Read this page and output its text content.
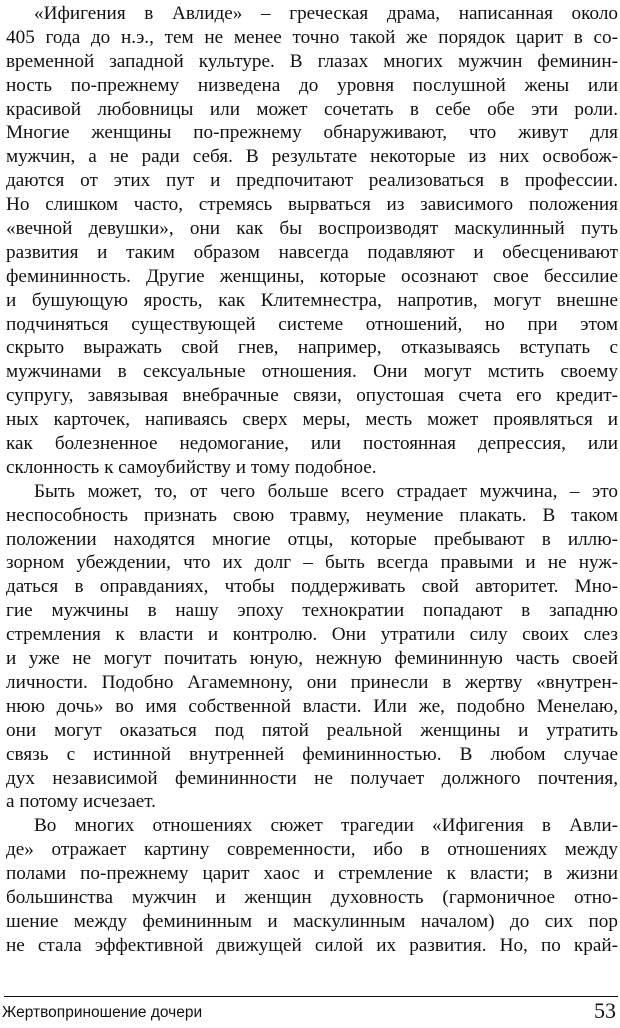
«Ифигения в Авлиде» – греческая драма, написанная около
405 года до н.э., тем не менее точно такой же порядок царит в со-
временной западной культуре. В глазах многих мужчин феминин-
ность по-прежнему низведена до уровня послушной жены или
красивой любовницы или может сочетать в себе обе эти роли.
Многие женщины по-прежнему обнаруживают, что живут для
мужчин, а не ради себя. В результате некоторые из них освобож-
даются от этих пут и предпочитают реализоваться в профессии.
Но слишком часто, стремясь вырваться из зависимого положения
«вечной девушки», они как бы воспроизводят маскулинный путь
развития и таким образом навсегда подавляют и обесценивают
фемининность. Другие женщины, которые осознают свое бессилие
и бушующую ярость, как Клитемнестра, напротив, могут внешне
подчиняться существующей системе отношений, но при этом
скрыто выражать свой гнев, например, отказываясь вступать с
мужчинами в сексуальные отношения. Они могут мстить своему
супругу, завязывая внебрачные связи, опустошая счета его кредит-
ных карточек, напиваясь сверх меры, месть может проявляться и
как болезненное недомогание, или постоянная депрессия, или
склонность к самоубийству и тому подобное.
Быть может, то, от чего больше всего страдает мужчина, – это
неспособность признать свою травму, неумение плакать. В таком
положении находятся многие отцы, которые пребывают в иллю-
зорном убеждении, что их долг – быть всегда правыми и не нуж-
даться в оправданиях, чтобы поддерживать свой авторитет. Мно-
гие мужчины в нашу эпоху технократии попадают в западню
стремления к власти и контролю. Они утратили силу своих слез
и уже не могут почитать юную, нежную фемининную часть своей
личности. Подобно Агамемнону, они принесли в жертву «внутрен-
нюю дочь» во имя собственной власти. Или же, подобно Менелаю,
они могут оказаться под пятой реальной женщины и утратить
связь с истинной внутренней фемининностью. В любом случае
дух независимой фемининности не получает должного почтения,
а потому исчезает.
Во многих отношениях сюжет трагедии «Ифигения в Авли-
де» отражает картину современности, ибо в отношениях между
полами по-прежнему царит хаос и стремление к власти; в жизни
большинства мужчин и женщин духовность (гармоничное отно-
шение между фемининным и маскулинным началом) до сих пор
не стала эффективной движущей силой их развития. Но, по край-
Жертвоприношение дочери	53
